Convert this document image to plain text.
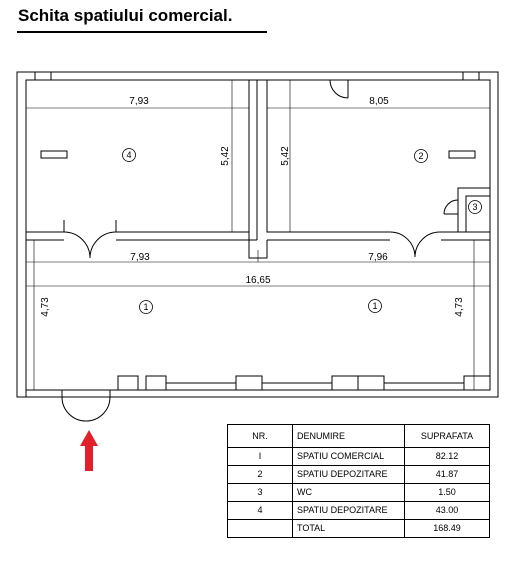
Schita spatiului comercial.
4	2
3
1	1
7,93
5,42
8,05
5,42
7,93	7,96
16,65
4,73	4,73
NR.	DENUMIRE	SUPRAFATA
I	SPATIU COMERCIAL	82.12
2	SPATIU DEPOZITARE	41.87
3	WC	1.50
4	SPATIU DEPOZITARE	43.00
	TOTAL	168.49
